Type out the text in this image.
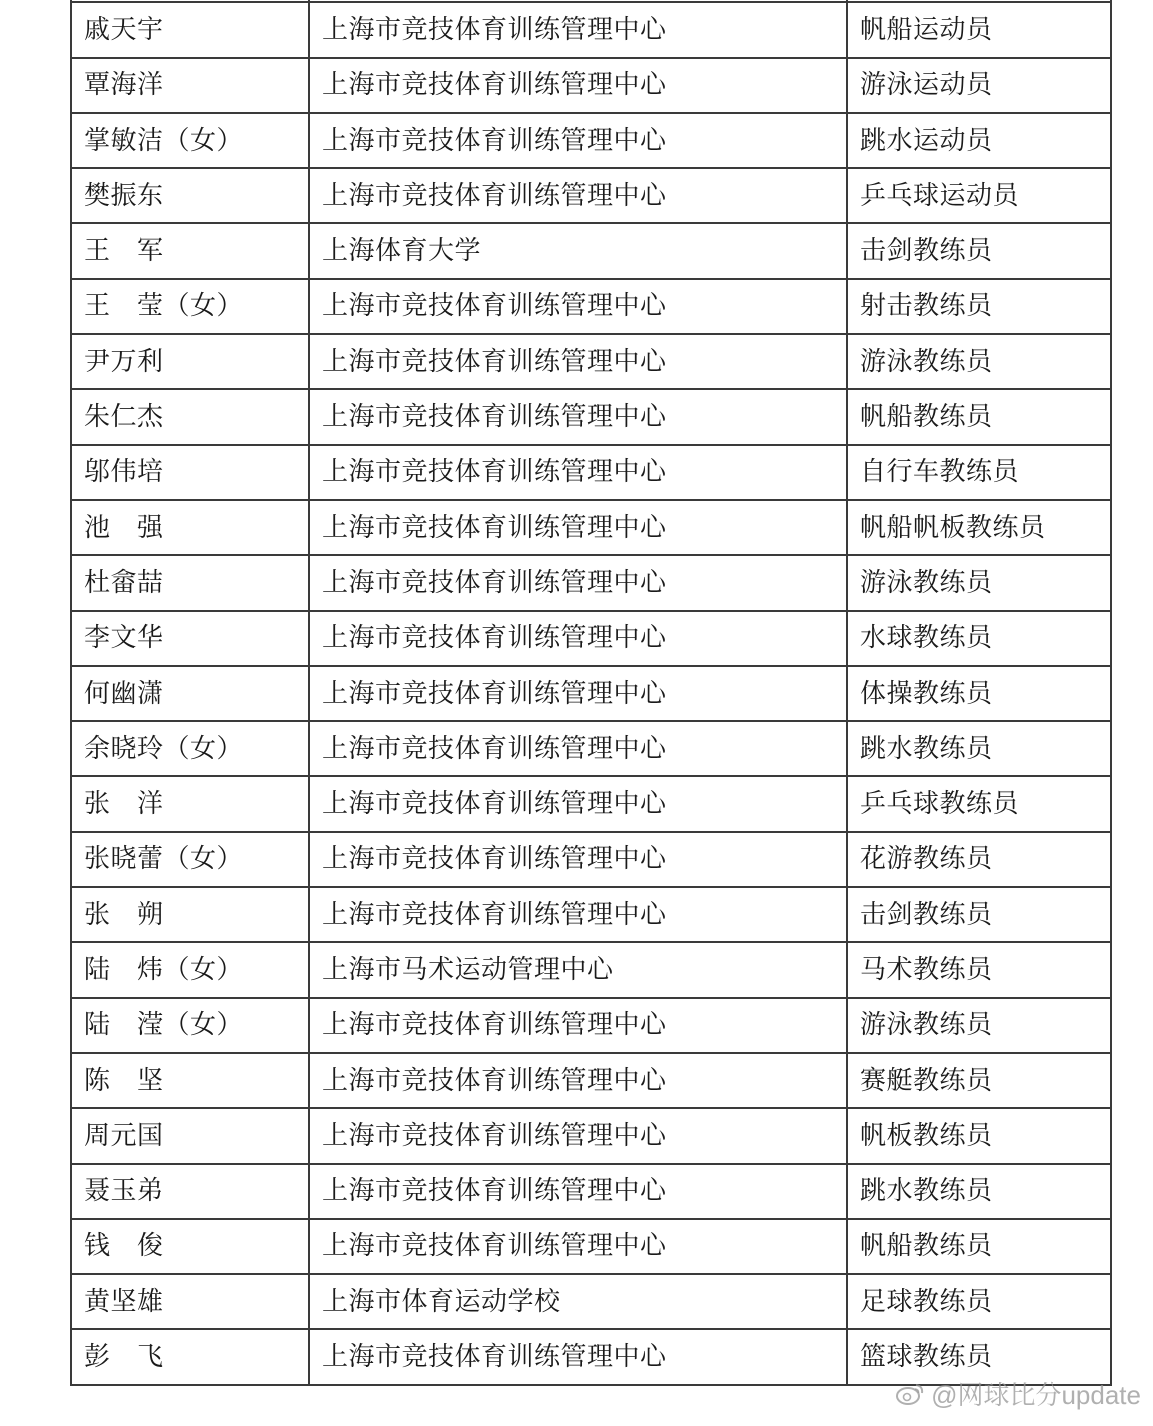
戚天宇	上海市竞技体育训练管理中心	帆船运动员
覃海洋	上海市竞技体育训练管理中心	游泳运动员
掌敏洁（女）	上海市竞技体育训练管理中心	跳水运动员
樊振东	上海市竞技体育训练管理中心	乒乓球运动员
王　军	上海体育大学	击剑教练员
王　莹（女）	上海市竞技体育训练管理中心	射击教练员
尹万利	上海市竞技体育训练管理中心	游泳教练员
朱仁杰	上海市竞技体育训练管理中心	帆船教练员
邬伟培	上海市竞技体育训练管理中心	自行车教练员
池　强	上海市竞技体育训练管理中心	帆船帆板教练员
杜畲喆	上海市竞技体育训练管理中心	游泳教练员
李文华	上海市竞技体育训练管理中心	水球教练员
何幽潇	上海市竞技体育训练管理中心	体操教练员
余晓玲（女）	上海市竞技体育训练管理中心	跳水教练员
张　洋	上海市竞技体育训练管理中心	乒乓球教练员
张晓蕾（女）	上海市竞技体育训练管理中心	花游教练员
张　朔	上海市竞技体育训练管理中心	击剑教练员
陆　炜（女）	上海市马术运动管理中心	马术教练员
陆　滢（女）	上海市竞技体育训练管理中心	游泳教练员
陈　坚	上海市竞技体育训练管理中心	赛艇教练员
周元国	上海市竞技体育训练管理中心	帆板教练员
聂玉弟	上海市竞技体育训练管理中心	跳水教练员
钱　俊	上海市竞技体育训练管理中心	帆船教练员
黄坚雄	上海市体育运动学校	足球教练员
彭　飞	上海市竞技体育训练管理中心	篮球教练员
@网球比分update
